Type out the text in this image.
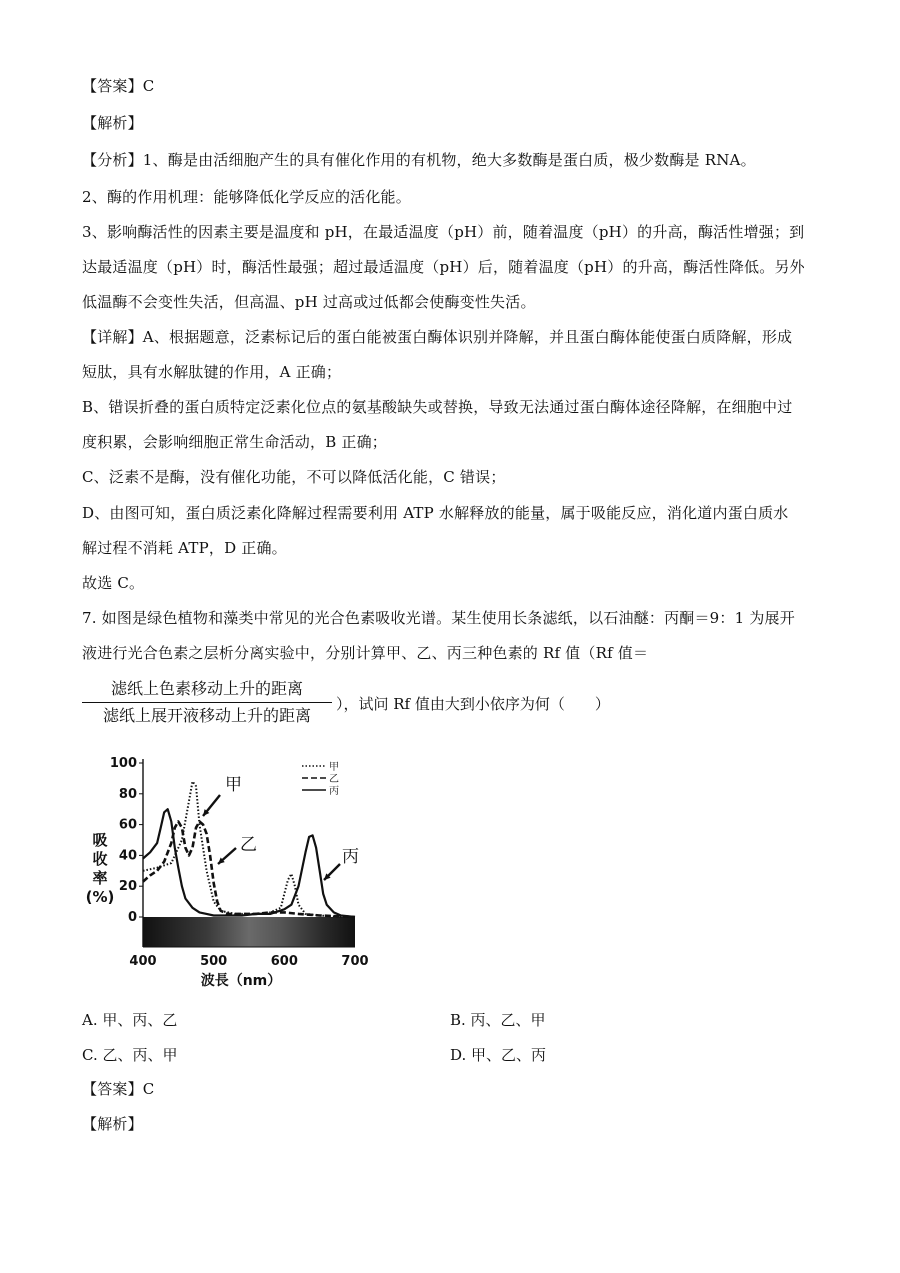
【答案】C
【解析】
【分析】1、酶是由活细胞产生的具有催化作用的有机物，绝大多数酶是蛋白质，极少数酶是 RNA。
2、酶的作用机理：能够降低化学反应的活化能。
3、影响酶活性的因素主要是温度和 pH，在最适温度（pH）前，随着温度（pH）的升高，酶活性增强；到
达最适温度（pH）时，酶活性最强；超过最适温度（pH）后，随着温度（pH）的升高，酶活性降低。另外
低温酶不会变性失活，但高温、pH 过高或过低都会使酶变性失活。
【详解】A、根据题意，泛素标记后的蛋白能被蛋白酶体识别并降解，并且蛋白酶体能使蛋白质降解，形成
短肽，具有水解肽键的作用，A 正确；
B、错误折叠的蛋白质特定泛素化位点的氨基酸缺失或替换，导致无法通过蛋白酶体途径降解，在细胞中过
度积累，会影响细胞正常生命活动，B 正确；
C、泛素不是酶，没有催化功能，不可以降低活化能，C 错误；
D、由图可知，蛋白质泛素化降解过程需要利用 ATP 水解释放的能量，属于吸能反应，消化道内蛋白质水
解过程不消耗 ATP，D 正确。
故选 C。
7. 如图是绿色植物和藻类中常见的光合色素吸收光谱。某生使用长条滤纸，以石油醚：丙酮＝9：1 为展开
液进行光合色素之层析分离实验中，分别计算甲、乙、丙三种色素的 Rf 值（Rf 值＝
滤纸上色素移动上升的距离
滤纸上展开液移动上升的距离
），试问 Rf 值由大到小依序为何（　　）
0
20
40
60
80
100
400	500	600	700
吸
收
率
(%)
波長（nm）
甲
乙
丙
甲
乙
丙
A. 甲、丙、乙	B. 丙、乙、甲
C. 乙、丙、甲	D. 甲、乙、丙
【答案】C
【解析】
